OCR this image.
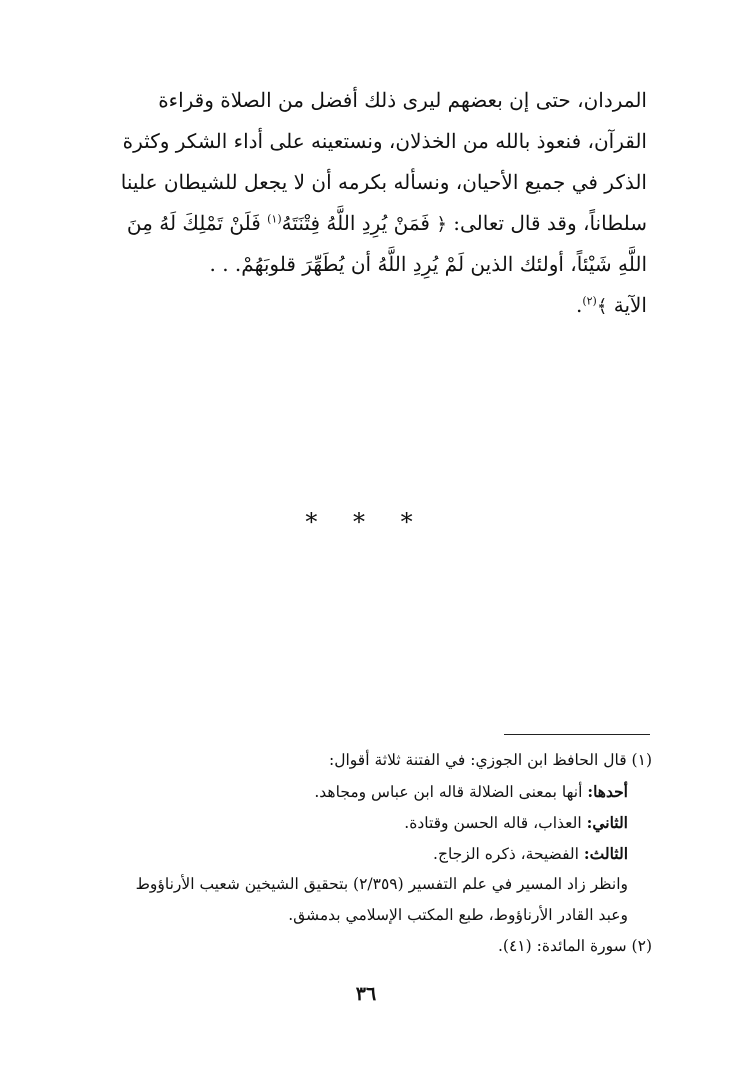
المردان، حتى إن بعضهم ليرى ذلك أفضل من الصلاة وقراءة
القرآن، فنعوذ بالله من الخذلان، ونستعينه على أداء الشكر وكثرة
الذكر في جميع الأحيان، ونسأله بكرمه أن لا يجعل للشيطان علينا
سلطاناً، وقد قال تعالى: ﴿ فَمَنْ يُرِدِ اللَّهُ فِتْنَتَهُ$^{(١)}$ فَلَنْ تَمْلِكَ لَهُ مِنَ
اللَّهِ شَيْئاً، أولئك الذين لَمْ يُرِدِ اللَّهُ أن يُطَهِّرَ قلوبَهُمْ. . .
الآية ﴾$^{(٢)}$.
* * *
(١) قال الحافظ ابن الجوزي: في الفتنة ثلاثة أقوال:
أحدها: أنها بمعنى الضلالة قاله ابن عباس ومجاهد.
الثاني: العذاب، قاله الحسن وقتادة.
الثالث: الفضيحة، ذكره الزجاج.
وانظر زاد المسير في علم التفسير (٢/٣٥٩) بتحقيق الشيخين شعيب الأرناؤوط
وعبد القادر الأرناؤوط، طبع المكتب الإسلامي بدمشق.
(٢) سورة المائدة: (٤١).
٣٦
